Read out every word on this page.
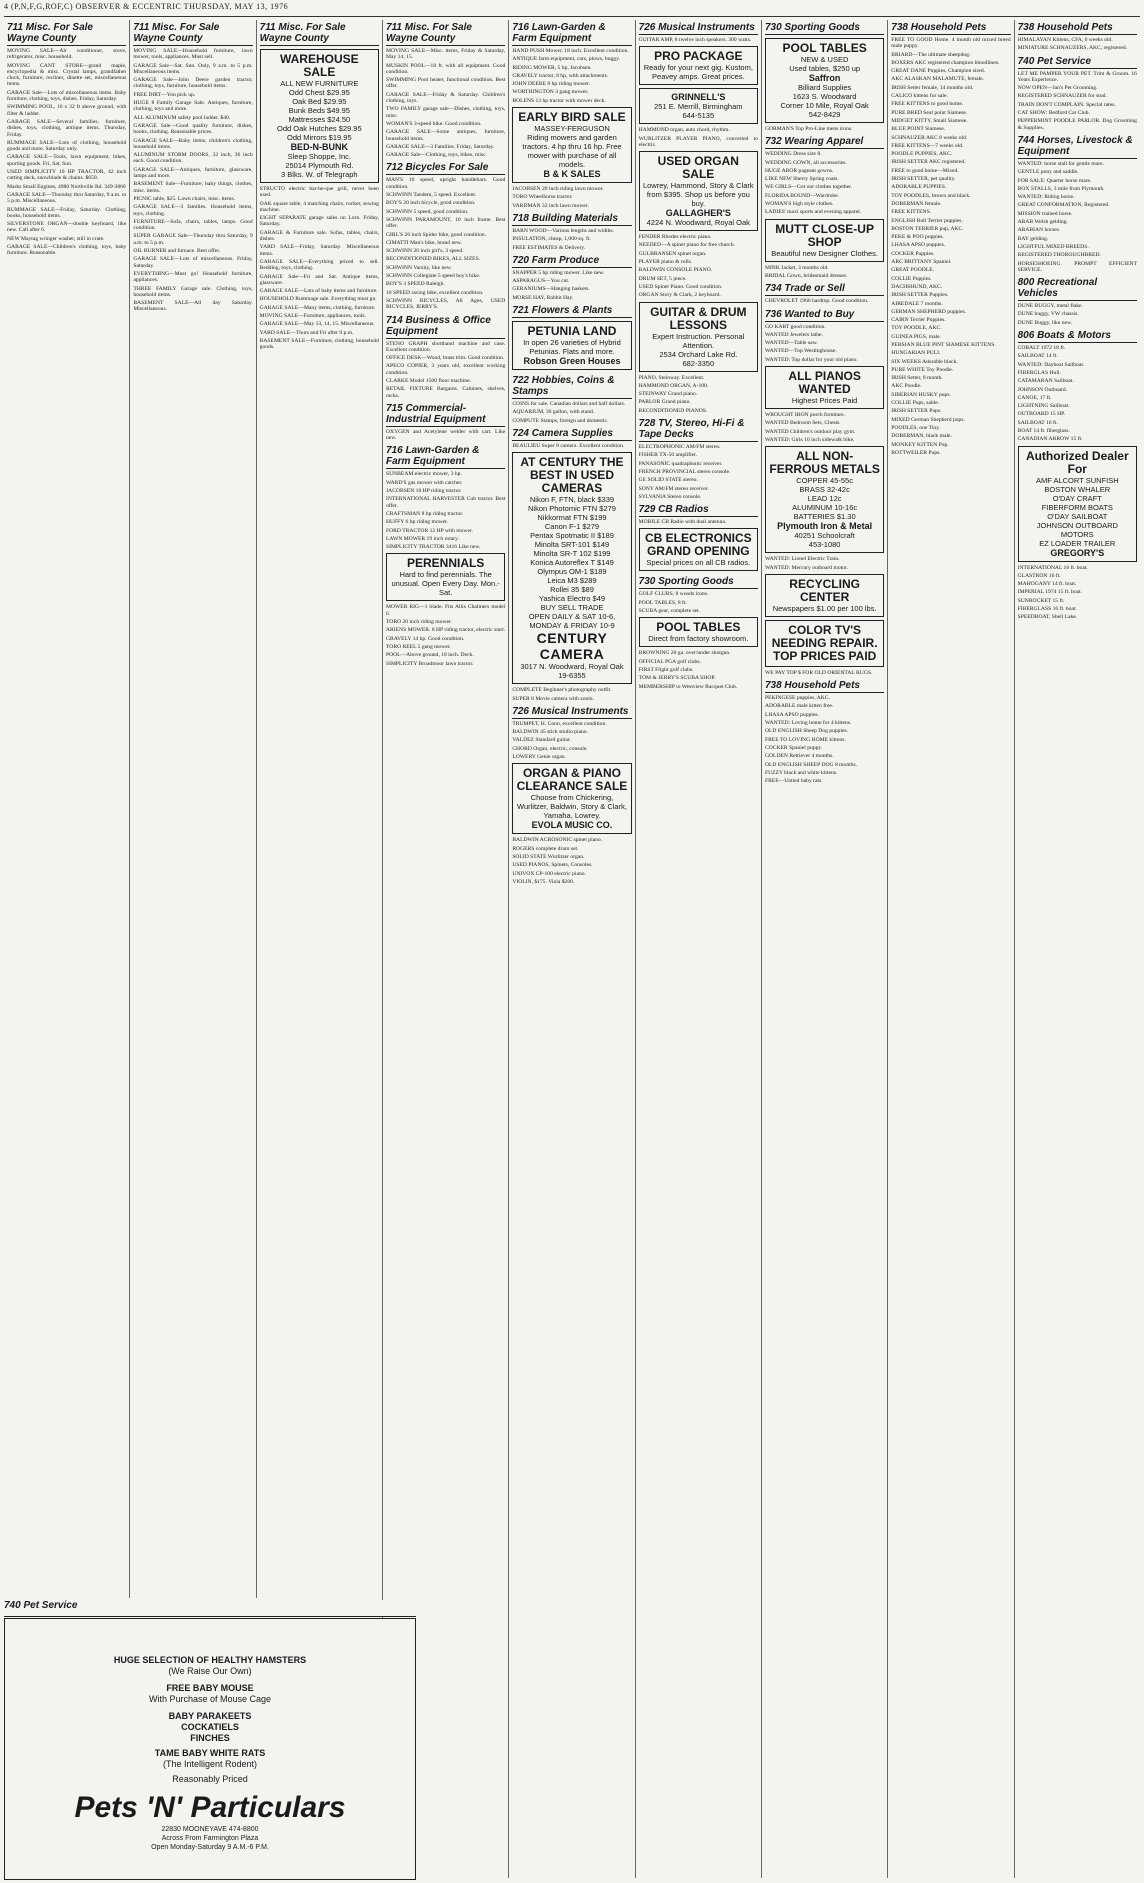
4 (P,N,F,G,ROF,C) OBSERVER & ECCENTRIC THURSDAY, MAY 13, 1976
711 Misc. For Sale Wayne County
MOVING SALE—Air conditioner, stove, refrigerator, misc. household.
MOVING CANT STORE—grand maple, encyclopedia & misc. Crystal lamps, grandfather clock, furniture, recliner, dinette set, miscellaneous items.
GARAGE Sale—Lots of miscellaneous items. Baby furniture, clothing, toys, dishes. Friday, Saturday.
SWIMMING POOL, 16 x 32 ft above ground, with filter & ladder.
GARAGE SALE—Several families, furniture, dishes, toys, clothing, antique items. Thursday, Friday.
RUMMAGE SALE—Lots of clothing, household goods and more. Saturday only.
GARAGE SALE—Tools, lawn equipment, bikes, sporting goods. Fri, Sat, Sun.
USED SIMPLICITY 10 HP TRACTOR, 42 inch cutting deck, snowblade & chains. $650.
Marks Small Engines, 4980 Northville Rd. 349-3860
GARAGE SALE—Thursday thru Saturday, 9 a.m. to 5 p.m. Miscellaneous.
RUMMAGE SALE—Friday, Saturday. Clothing, books, household items.
SILVERSTONE ORGAN—double keyboard, like new. Call after 6.
NEW Maytag wringer washer, still in crate.
GARAGE SALE—Children's clothing, toys, baby furniture. Reasonable.
711 Misc. For Sale Wayne County
MOVING SALE—Household furniture, lawn mower, tools, appliances. Must sell.
GARAGE Sale—Sat. Sun. Only, 9 a.m. to 5 p.m. Miscellaneous items.
GARAGE Sale—John Deere garden tractor, clothing, toys, furniture, household items.
FREE DIRT—You pick up.
HUGE 8 Family Garage Sale. Antiques, furniture, clothing, toys and more.
ALL ALUMINUM safety pool ladder. $40.
GARAGE Sale—Good quality furniture, dishes, books, clothing. Reasonable prices.
GARAGE SALE—Baby items, children's clothing, household items.
ALUMINUM STORM DOORS, 32 inch, 36 inch each. Good condition.
GARAGE SALE—Antiques, furniture, glassware, lamps and more.
BASEMENT Sale—Furniture, baby things, clothes, misc. items.
PICNIC table, $25. Lawn chairs, misc. items.
GARAGE SALE—3 families. Household items, toys, clothing.
FURNITURE—Sofa, chairs, tables, lamps. Good condition.
SUPER GARAGE Sale—Thursday thru Saturday, 9 a.m. to 5 p.m.
OIL BURNER and furnace. Best offer.
GARAGE SALE—Lots of miscellaneous. Friday, Saturday.
EVERYTHING—Must go! Household furniture, appliances.
THREE FAMILY Garage sale. Clothing, toys, household items.
BASEMENT SALE—All day Saturday. Miscellaneous.
711 Misc. For Sale Wayne County
WAREHOUSE SALE
ALL NEW FURNITURE
Odd Chest $29.95
Oak Bed $29.95
Bunk Beds $49.95
Mattresses $24.50
Odd Oak Hutches $29.95
Odd Mirrors $19.95
BED-N-BUNK
Sleep Shoppe, Inc.
25014 Plymouth Rd.
3 Blks. W. of Telegraph
STRUCTO electric bar-be-que grill, never been used.
OAK square table, 4 matching chairs, rocker, sewing machine.
EIGHT SEPARATE garage sales on Lorn. Friday, Saturday.
GARAGE & Furniture sale. Sofas, tables, chairs, dishes.
YARD SALE—Friday, Saturday. Miscellaneous items.
GARAGE SALE—Everything priced to sell. Bedding, toys, clothing.
GARAGE Sale—Fri and Sat. Antique items, glassware.
GARAGE SALE—Lots of baby items and furniture.
HOUSEHOLD Rummage sale. Everything must go.
GARAGE SALE—Many items, clothing, furniture.
MOVING SALE—Furniture, appliances, tools.
GARAGE SALE—May 13, 14, 15. Miscellaneous.
YARD SALE—Thurs and Fri after 9 p.m.
BASEMENT SALE—Furniture, clothing, household goods.
711 Misc. For Sale Wayne County
MOVING SALE—Misc. items, Friday & Saturday, May 14, 15.
MUSKIN POOL—18 ft. with all equipment. Good condition.
SWIMMING Pool heater, functional condition. Best offer.
GARAGE SALE—Friday & Saturday. Children's clothing, toys.
TWO FAMILY garage sale—Dishes, clothing, toys, misc.
WOMAN'S 3-speed bike. Good condition.
GARAGE SALE—Some antiques, furniture, household items.
GARAGE SALE—3 Families. Friday, Saturday.
GARAGE Sale—Clothing, toys, bikes, misc.
712 Bicycles For Sale
MAN'S 10 speed, upright handlebars. Good condition.
SCHWINN Tandem, 5 speed. Excellent.
BOY'S 20 inch bicycle, good condition.
SCHWINN 5 speed, good condition.
SCHWINN PARAMOUNT, 10 inch frame. Best offer.
GIRL'S 20 inch Spider bike, good condition.
CIMATTI Man's bike, brand new.
SCHWINN 26 inch girl's, 3 speed.
RECONDITIONED BIKES, ALL SIZES.
SCHWINN Varsity, like new.
SCHWINN Collegiate 5 speed boy's bike.
BOY'S 3 SPEED Raleigh.
10 SPEED racing bike, excellent condition.
SCHWINN BICYCLES, All Ages, USED BICYCLES, JERRY'S.
714 Business & Office Equipment
STENO GRAPH shorthand machine and case. Excellent condition.
OFFICE DESK—Wood, brass trim. Good condition.
APECO COPIER, 3 years old, excellent working condition.
CLARKE Model 1500 floor machine.
RETAIL FIXTURE Bargains. Cabinets, shelves, racks.
715 Commercial-Industrial Equipment
OXYGEN and Acetylene welder with cart. Like new.
716 Lawn-Garden & Farm Equipment
SUNBEAM electric mower, 3 hp.
WARD'S gas mower with catcher.
JACOBSEN 10 HP riding tractor.
INTERNATIONAL HARVESTER Cub tractor. Best offer.
CRAFTSMAN 8 hp riding tractor.
HUFFY 6 hp riding mower.
FORD TRACTOR 12 HP with mower.
LAWN MOWER 19 inch rotary.
SIMPLICITY TRACTOR 3416 Like new.
PERENNIALS
Hard to find perennials. The unusual. Open Every Day. Mon.-Sat.
MOWER RIG—1 blade. Fits Allis Chalmers model 6.
TORO 20 inch riding mower.
ARIENS MOWER. 8 HP riding tractor, electric start.
GRAVELY 14 hp. Good condition.
TORO REEL 5 gang mower.
POOL—Above ground, 18 inch. Deck.
SIMPLICITY Broadmoor lawn tractor.
716 Lawn-Garden & Farm Equipment
HAND PUSH Mower, 18 inch. Excellent condition.
ANTIQUE farm equipment, cars, plows, buggy.
RIDING MOWER, 5 hp, Jacobsen.
GRAVELY tractor, 8 hp, with attachments.
JOHN DEERE 8 hp riding mower.
WORTHINGTON 3 gang mower.
BOLENS 13 hp tractor with mower deck.
EARLY BIRD SALE
MASSEY-FERGUSON
Riding mowers and garden tractors. 4 hp thru 16 hp. Free mower with purchase of all models.
B & K SALES
JACOBSEN 20 inch riding lawn mower.
TORO Wheelhorse tractor.
VARDMAN 32 inch lawn mower.
718 Building Materials
BARN WOOD—Various lengths and widths.
INSULATION, cheap, 1,000 sq. ft.
FREE ESTIMATES & Delivery.
720 Farm Produce
SNAPPER 5 hp riding mower. Like new.
ASPARAGUS—You cut.
GERANIUMS—Hanging baskets.
MORSE HAY, Rabbit Hay.
721 Flowers & Plants
PETUNIA LAND
In open 26 varieties of Hybrid Petunias. Flats and more.
Robson Green Houses
722 Hobbies, Coins & Stamps
COINS for sale. Canadian dollars and half dollars.
AQUARIUM, 30 gallon, with stand.
COMPUTE Stamps, foreign and domestic.
724 Camera Supplies
BEAULIEU Super 8 camera. Excellent condition.
AT CENTURY THE BEST IN USED CAMERAS
Nikon F, FTN, black $339
Nikon Photomic FTN $279
Nikkormat FTN $199
Canon F-1 $279
Pentax Spotmatic II $189
Minolta SRT-101 $149
Minolta SR-T 102 $199
Konica Autoreflex T $149
Olympus OM-1 $189
Leica M3 $289
Rollei 35 $89
Yashica Electro $49
BUY SELL TRADE
OPEN DAILY & SAT 10-6, MONDAY & FRIDAY 10-9
CENTURY CAMERA
3017 N. Woodward, Royal Oak
19-6355
COMPLETE Beginner's photography outfit.
SUPER 8 Movie camera with zoom.
726 Musical Instruments
TRUMPET, H. Conn, excellent condition.
BALDWIN 45 stick studio piano.
VALDEZ Standard guitar.
CHORD Organ, electric, console.
LOWERY Genie organ.
ORGAN & PIANO CLEARANCE SALE
Choose from Chickering, Wurlitzer, Baldwin, Story & Clark, Yamaha, Lowrey.
EVOLA MUSIC CO.
BALDWIN ACROSONIC spinet piano.
ROGERS complete drum set.
SOLID STATE Wurlitzer organ.
USED PIANOS, Spinets, Consoles.
UNIVOX CP-100 electric piano.
VIOLIN, $175. Viola $200.
726 Musical Instruments
GUITAR AMP, 8 twelve inch speakers. 300 watts.
PRO PACKAGE
Ready for your next gig. Kustom, Peavey amps. Great prices.
GRINNELL'S
251 E. Merrill, Birmingham
644-5135
HAMMOND organ, auto chord, rhythm.
WURLITZER PLAYER PIANO, converted to electric.
USED ORGAN SALE
Lowrey, Hammond, Story & Clark from $395. Shop us before you buy.
GALLAGHER'S
4224 N. Woodward, Royal Oak
FENDER Rhodes electric piano.
NEEDED—A spinet piano for free church.
GULBRANSEN spinet organ.
PLAYER piano & rolls.
BALDWIN CONSOLE PIANO.
DRUM SET, 5 piece.
USED Spinet Piano. Good condition.
ORGAN Story & Clark, 2 keyboard.
GUITAR & DRUM LESSONS
Expert Instruction. Personal Attention.
2534 Orchard Lake Rd.
682-3350
PIANO, Steinway. Excellent.
HAMMOND ORGAN, A-100.
STEINWAY Grand piano.
PARLOR Grand piano.
RECONDITIONED PIANOS.
728 TV, Stereo, Hi-Fi & Tape Decks
ELECTROPHONIC AM/FM stereo.
FISHER TX-50 amplifier.
PANASONIC quadraphonic receiver.
FRENCH PROVINCIAL stereo console.
GE SOLID STATE stereo.
SONY AM/FM stereo receiver.
SYLVANIA Stereo console.
729 CB Radios
MOBILE CB Radio with dual antenna.
CB ELECTRONICS GRAND OPENING
Special prices on all CB radios.
730 Sporting Goods
GOLF CLUBS, 8 woods irons.
POOL TABLES, 8 ft.
SCUBA gear, complete set.
POOL TABLES
Direct from factory showroom.
BROWNING 20 ga. over/under shotgun.
OFFICIAL PGA golf clubs.
FIRST Flight golf clubs.
TOM & JERRY'S SCUBA SHOP.
MEMBERSHIP to Westview Racquet Club.
730 Sporting Goods
POOL TABLES
NEW & USED
Used tables, $250 up
Saffron
Billiard Supplies
1623 S. Woodward
Corner 10 Mile, Royal Oak
542-8429
GORMAN'S Top Pro-Line mens irons.
732 Wearing Apparel
WEDDING Dress size 8.
WEDDING GOWN, all accessories.
HUGE ABOR pageant gowns.
LIKE NEW Sherry Spring coats.
WE GIRLS—Got our clothes together.
FLORIDA BOUND—Wardrobe.
WOMAN'S high style clothes.
LADIES' maxi sports and evening apparel.
MUTT CLOSE-UP SHOP
Beautiful new Designer Clothes.
MINK Jacket, 3 months old.
BRIDAL Gown, bridesmaid dresses.
734 Trade or Sell
CHEVROLET 1966 hardtop. Good condition.
736 Wanted to Buy
GO KART good condition.
WANTED Jewelers lathe.
WANTED—Table saw.
WANTED—Top Westinghouse.
WANTED: Top dollar for your old piano.
ALL PIANOS WANTED
Highest Prices Paid
WROUGHT IRON porch furniture.
WANTED Bedroom Sets, Chests.
WANTED Children's outdoor play gym.
WANTED: Girls 10 inch sidewalk bike.
ALL NON-FERROUS METALS
COPPER 45-55c
BRASS 32-42c
LEAD 12c
ALUMINUM 10-16c
BATTERIES $1.30
Plymouth Iron & Metal
40251 Schoolcraft
453-1080
WANTED: Lionel Electric Train.
WANTED: Mercury outboard motor.
RECYCLING CENTER
Newspapers $1.00 per 100 lbs.
COLOR TV'S NEEDING REPAIR. TOP PRICES PAID
WE PAY TOP $ FOR OLD ORIENTAL RUGS.
738 Household Pets
PEKINGESE puppies, AKC.
ADORABLE male kitten free.
LHASA APSO puppies.
WANTED: Loving home for 4 kittens.
OLD ENGLISH Sheep Dog puppies.
FREE TO LOVING HOME kittens.
COCKER Spaniel puppy.
GOLDEN Retriever 4 months.
OLD ENGLISH SHEEP DOG 8 months.
FUZZY black and white kittens.
FREE—Untied baby rats.
738 Household Pets
FREE TO GOOD Home. 4 month old mixed breed male puppy.
BRIARD—The ultimate sheepdog.
BOXERS AKC registered champion bloodlines.
GREAT DANE Puppies, Champion sired.
AKC ALASKAN MALAMUTE, female.
IRISH Setter female, 14 months old.
CALICO kittens for sale.
FREE KITTENS to good home.
PURE BRED Seal point Siamese.
MIDGET KITTY, Small Siamese.
BLUE POINT Siamese.
SCHNAUZER AKC 8 weeks old.
FREE KITTENS—7 weeks old.
POODLE PUPPIES, AKC.
IRISH SETTER AKC registered.
FREE to good home—Mixed.
IRISH SETTER, pet quality.
ADORABLE PUPPIES.
TOY POODLES, brown and black.
DOBERMAN female.
FREE KITTENS.
ENGLISH Bull Terrier puppies.
BOSTON TERRIER pup, AKC.
PEKE & POO puppies.
LHASA APSO puppies.
COCKER Puppies.
ARC BRITTANY Spaniel.
GREAT POODLE.
COLLIE Puppies.
DACHSHUND, AKC.
IRISH SETTER Puppies.
AIREDALE 7 months.
GERMAN SHEPHERD puppies.
CAIRN Terrier Puppies.
TOY POODLE, AKC.
GUINEA PIGS, male.
PERSIAN BLUE PINT SIAMESE KITTENS.
HUNGARIAN PULI.
SIX WEEKS Adorable black.
PURE WHITE Toy Poodle.
IRISH Setter, 8 month.
AKC Poodle.
SIBERIAN HUSKY pups.
COLLIE Pups, sable.
IRISH SETTER Pups.
MIXED German Shepherd pups.
POODLES, one Tiny.
DOBERMAN, black male.
MONKEY KITTEN Pup.
ROTTWEILER Pups.
738 Household Pets
HIMALAYAN Kittens, CFA, 6 weeks old.
MINIATURE SCHNAUZERS, AKC, registered.
740 Pet Service
LET ME PAMPER YOUR PET. Trim & Groom. 16 Years Experience.
NOW OPEN—Jan's Pet Grooming.
REGISTERED SCHNAUZER for stud.
TRAIN DON'T COMPLAIN. Special rates.
CAT SHOW: Bedford Cat Club.
PEPPERMINT POODLE PARLOR. Dog Grooming & Supplies.
744 Horses, Livestock & Equipment
WANTED: horse stall for gentle mare.
GENTLE pony and saddle.
FOR SALE: Quarter horse mare.
BOX STALLS, 3 mile from Plymouth.
WANTED: Riding horse.
GREAT CONFORMATION, Registered.
MISSION trained horse.
ARAB Welsh gelding.
ARABIAN horses.
BAY gelding.
LIGHTFUL MIXED BREEDS.
REGISTERED THOROUGHBRED.
HORSESHOEING. PROMPT EFFICIENT SERVICE.
800 Recreational Vehicles
DUNE BUGGY, metal flake.
DUNE buggy, VW chassis.
DUNE Buggy, like new.
806 Boats & Motors
COBALT 1972 18 ft.
SAILBOAT 14 ft.
WANTED: Dayboat Sailboat.
FIBERGLAS Hull.
CATAMARAN Sailboat.
JOHNSON Outboard.
CANOE, 17 ft.
LIGHTNING Sailboat.
OUTBOARD 15 HP.
SAILBOAT 16 ft.
BOAT 14 ft. fiberglass.
CANADIAN ARROW 15 ft.
Authorized Dealer For
AMF ALCORT SUNFISH
BOSTON WHALER
O'DAY CRAFT
FIBERFORM BOATS
O'DAY SAILBOAT
JOHNSON OUTBOARD MOTORS
EZ LOADER TRAILER
GREGORY'S
INTERNATIONAL 16 ft. boat.
GLASTRON 16 ft.
MAHOGANY 14 ft. boat.
IMPERIAL 1974 15 ft. boat.
SUNROCKET 15 ft.
FIBERGLASS 16 ft. boat.
SPEEDBOAT, Shell Lake.
740 Pet Service
HUGE SELECTION OF HEALTHY HAMSTERS
(We Raise Our Own)
FREE BABY MOUSE
With Purchase of Mouse Cage
BABY PARAKEETS
COCKATIELS
FINCHES
TAME BABY WHITE RATS
(The Intelligent Rodent)
Reasonably Priced
Pets 'N' Particulars
22830 MOONEYAVE 474-8800
Across From Farmington Plaza
Open Monday-Saturday 9 A.M.-6 P.M.
